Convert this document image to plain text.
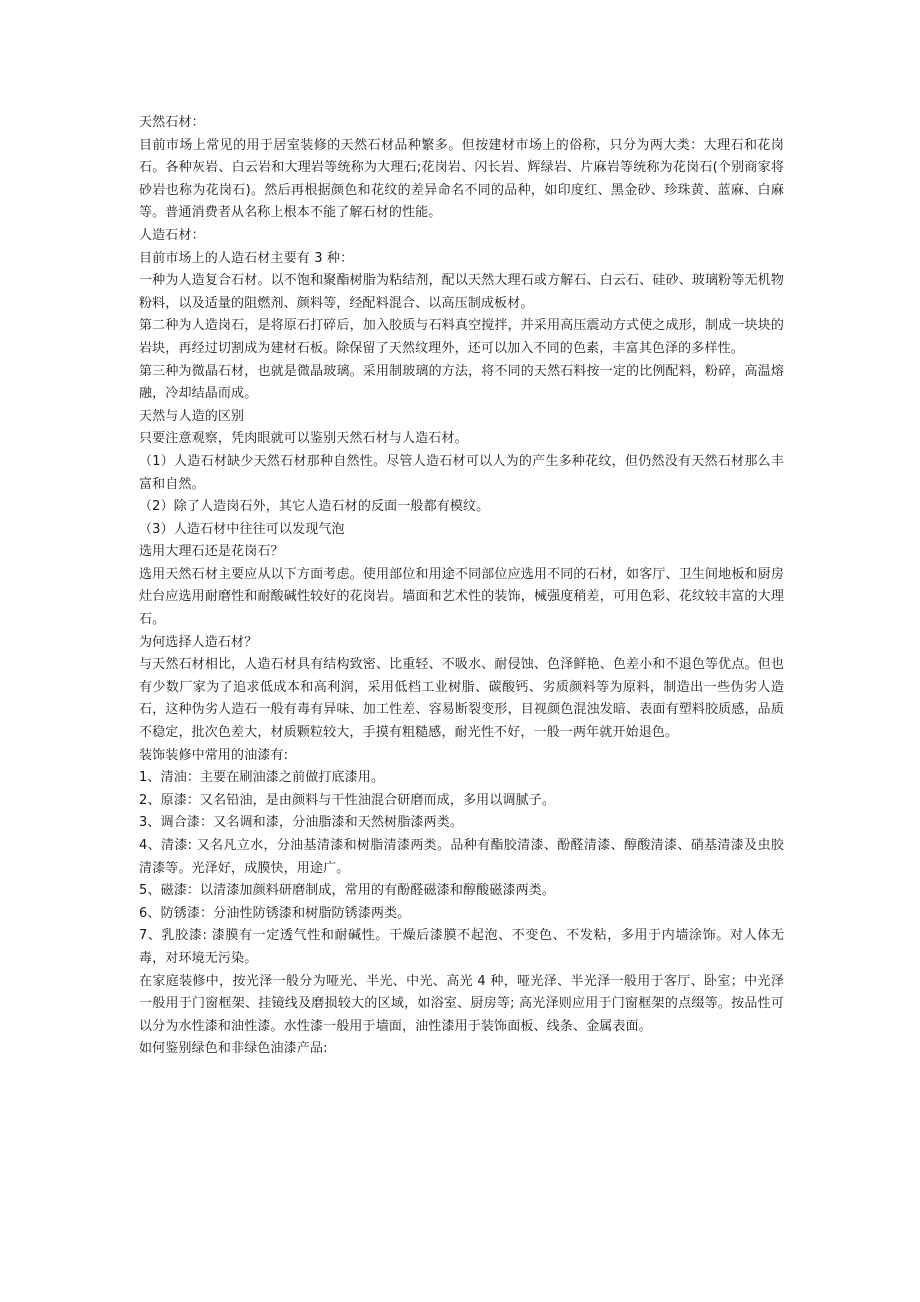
天然石材：

目前市场上常见的用于居室装修的天然石材品种繁多。但按建材市场上的俗称，只分为两大类：大理石和花岗石。各种灰岩、白云岩和大理岩等统称为大理石;花岗岩、闪长岩、辉绿岩、片麻岩等统称为花岗石(个别商家将砂岩也称为花岗石)。然后再根据颜色和花纹的差异命名不同的品种，如印度红、黑金砂、珍珠黄、蓝麻、白麻等。普通消费者从名称上根本不能了解石材的性能。

人造石材：

目前市场上的人造石材主要有 3 种：

一种为人造复合石材。以不饱和聚酯树脂为粘结剂，配以天然大理石或方解石、白云石、硅砂、玻璃粉等无机物粉料，以及适量的阻燃剂、颜料等，经配料混合、以高压制成板材。

第二种为人造岗石，是将原石打碎后，加入胶质与石料真空搅拌，并采用高压震动方式使之成形，制成一块块的岩块，再经过切割成为建材石板。除保留了天然纹理外，还可以加入不同的色素，丰富其色泽的多样性。

第三种为微晶石材，也就是微晶玻璃。采用制玻璃的方法，将不同的天然石料按一定的比例配料，粉碎，高温熔融，冷却结晶而成。

天然与人造的区别

只要注意观察，凭肉眼就可以鉴别天然石材与人造石材。

（1）人造石材缺少天然石材那种自然性。尽管人造石材可以人为的产生多种花纹，但仍然没有天然石材那么丰富和自然。

（2）除了人造岗石外，其它人造石材的反面一般都有模纹。

（3）人造石材中往往可以发现气泡

选用大理石还是花岗石？

选用天然石材主要应从以下方面考虑。使用部位和用途不同部位应选用不同的石材，如客厅、卫生间地板和厨房灶台应选用耐磨性和耐酸碱性较好的花岗岩。墙面和艺术性的装饰，械强度稍差，可用色彩、花纹较丰富的大理石。

为何选择人造石材？

与天然石材相比，人造石材具有结构致密、比重轻、不吸水、耐侵蚀、色泽鲜艳、色差小和不退色等优点。但也有少数厂家为了追求低成本和高利润，采用低档工业树脂、碳酸钙、劣质颜料等为原料，制造出一些伪劣人造石，这种伪劣人造石一般有毒有异味、加工性差、容易断裂变形，目视颜色混浊发暗、表面有塑料胶质感，品质不稳定，批次色差大，材质颗粒较大，手摸有粗糙感，耐光性不好，一般一两年就开始退色。

装饰装修中常用的油漆有:

1、清油：主要在刷油漆之前做打底漆用。

2、原漆：又名铅油，是由颜料与干性油混合研磨而成，多用以调腻子。

3、调合漆：又名调和漆，分油脂漆和天然树脂漆两类。

4、清漆: 又名凡立水，分油基清漆和树脂清漆两类。品种有酯胶清漆、酚醛清漆、醇酸清漆、硝基清漆及虫胶清漆等。光泽好，成膜快，用途广。

5、磁漆：以清漆加颜料研磨制成，常用的有酚醛磁漆和醇酸磁漆两类。

6、防锈漆：分油性防锈漆和树脂防锈漆两类。

7、乳胶漆: 漆膜有一定透气性和耐碱性。干燥后漆膜不起泡、不变色、不发粘，多用于内墙涂饰。对人体无毒，对环境无污染。

在家庭装修中，按光泽一般分为哑光、半光、中光、高光 4 种，哑光泽、半光泽一般用于客厅、卧室；中光泽一般用于门窗框架、挂镜线及磨损较大的区域，如浴室、厨房等; 高光泽则应用于门窗框架的点缀等。按品性可以分为水性漆和油性漆。水性漆一般用于墙面，油性漆用于装饰面板、线条、金属表面。

如何鉴别绿色和非绿色油漆产品:
